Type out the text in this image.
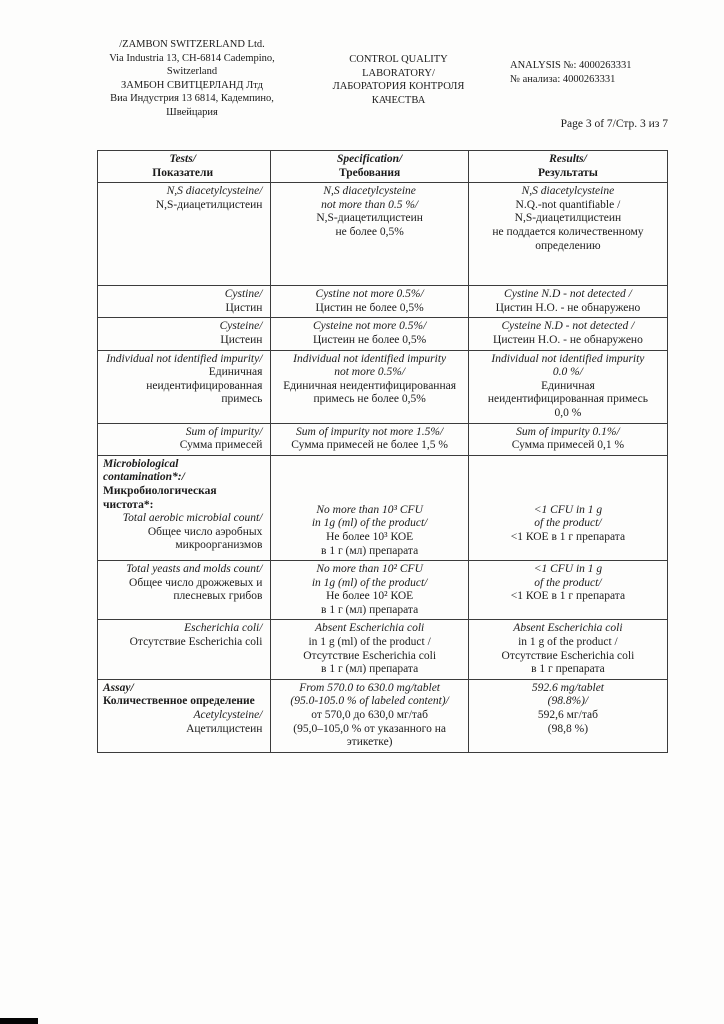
/ZAMBON SWITZERLAND Ltd.
Via Industria 13, CH-6814 Cadempino,
Switzerland
ЗАМБОН СВИТЦЕРЛАНД Лтд
Виа Индустрия 13 6814, Кадемпино,
Швейцария
CONTROL QUALITY
LABORATORY/
ЛАБОРАТОРИЯ КОНТРОЛЯ
КАЧЕСТВА
ANALYSIS №: 4000263331
№ анализа: 4000263331
Page 3 of 7/Стр. 3 из 7
Tests/
Показатели
Specification/
Требования
Results/
Результаты
N,S diacetylcysteine/
N,S-диацетилцистеин
N,S diacetylcysteine
not more than 0.5 %/
N,S-диацетилцистеин
не более 0,5%
N,S diacetylcysteine
N.Q.-not quantifiable /
N,S-диацетилцистеин
не поддается количественному
определению
Cystine/
Цистин
Cystine not more 0.5%/
Цистин не более 0,5%
Cystine N.D - not detected /
Цистин Н.О. - не обнаружено
Cysteine/
Цистеин
Cysteine not more 0.5%/
Цистеин не более 0,5%
Cysteine N.D - not detected /
Цистеин Н.О. - не обнаружено
Individual not identified impurity/
Единичная
неидентифицированная
примесь
Individual not identified impurity
not more 0.5%/
Единичная неидентифицированная
примесь не более 0,5%
Individual not identified impurity
0.0 %/
Единичная
неидентифицированная примесь
0,0 %
Sum of impurity/
Сумма примесей
Sum of impurity not more 1.5%/
Сумма примесей не более 1,5 %
Sum of impurity 0.1%/
Сумма примесей 0,1 %
Microbiological
contamination*:/
Микробиологическая
чистота*:
Total aerobic microbial count/
Общее число аэробных
микроорганизмов
No more than 10³ CFU
in 1g (ml) of the product/
Не более 10³ КОЕ
в 1 г (мл) препарата
<1 CFU in 1 g
of the product/
<1 КОЕ в 1 г препарата
Total yeasts and molds count/
Общее число дрожжевых и
плесневых грибов
No more than 10² CFU
in 1g (ml) of the product/
Не более 10² КОЕ
в 1 г (мл) препарата
<1 CFU in 1 g
of the product/
<1 КОЕ в 1 г препарата
Escherichia coli/
Отсутствие Escherichia coli
Absent Escherichia coli
in 1 g (ml) of the product /
Отсутствие Escherichia coli
в 1 г (мл) препарата
Absent Escherichia coli
in 1 g of the product /
Отсутствие Escherichia coli
в 1 г препарата
Assay/
Количественное определение
Acetylcysteine/
Ацетилцистеин
From 570.0 to 630.0 mg/tablet
(95.0-105.0 % of labeled content)/
от 570,0 до 630,0 мг/таб
(95,0–105,0 % от указанного на
этикетке)
592.6 mg/tablet
(98.8%)/
592,6 мг/таб
(98,8 %)
